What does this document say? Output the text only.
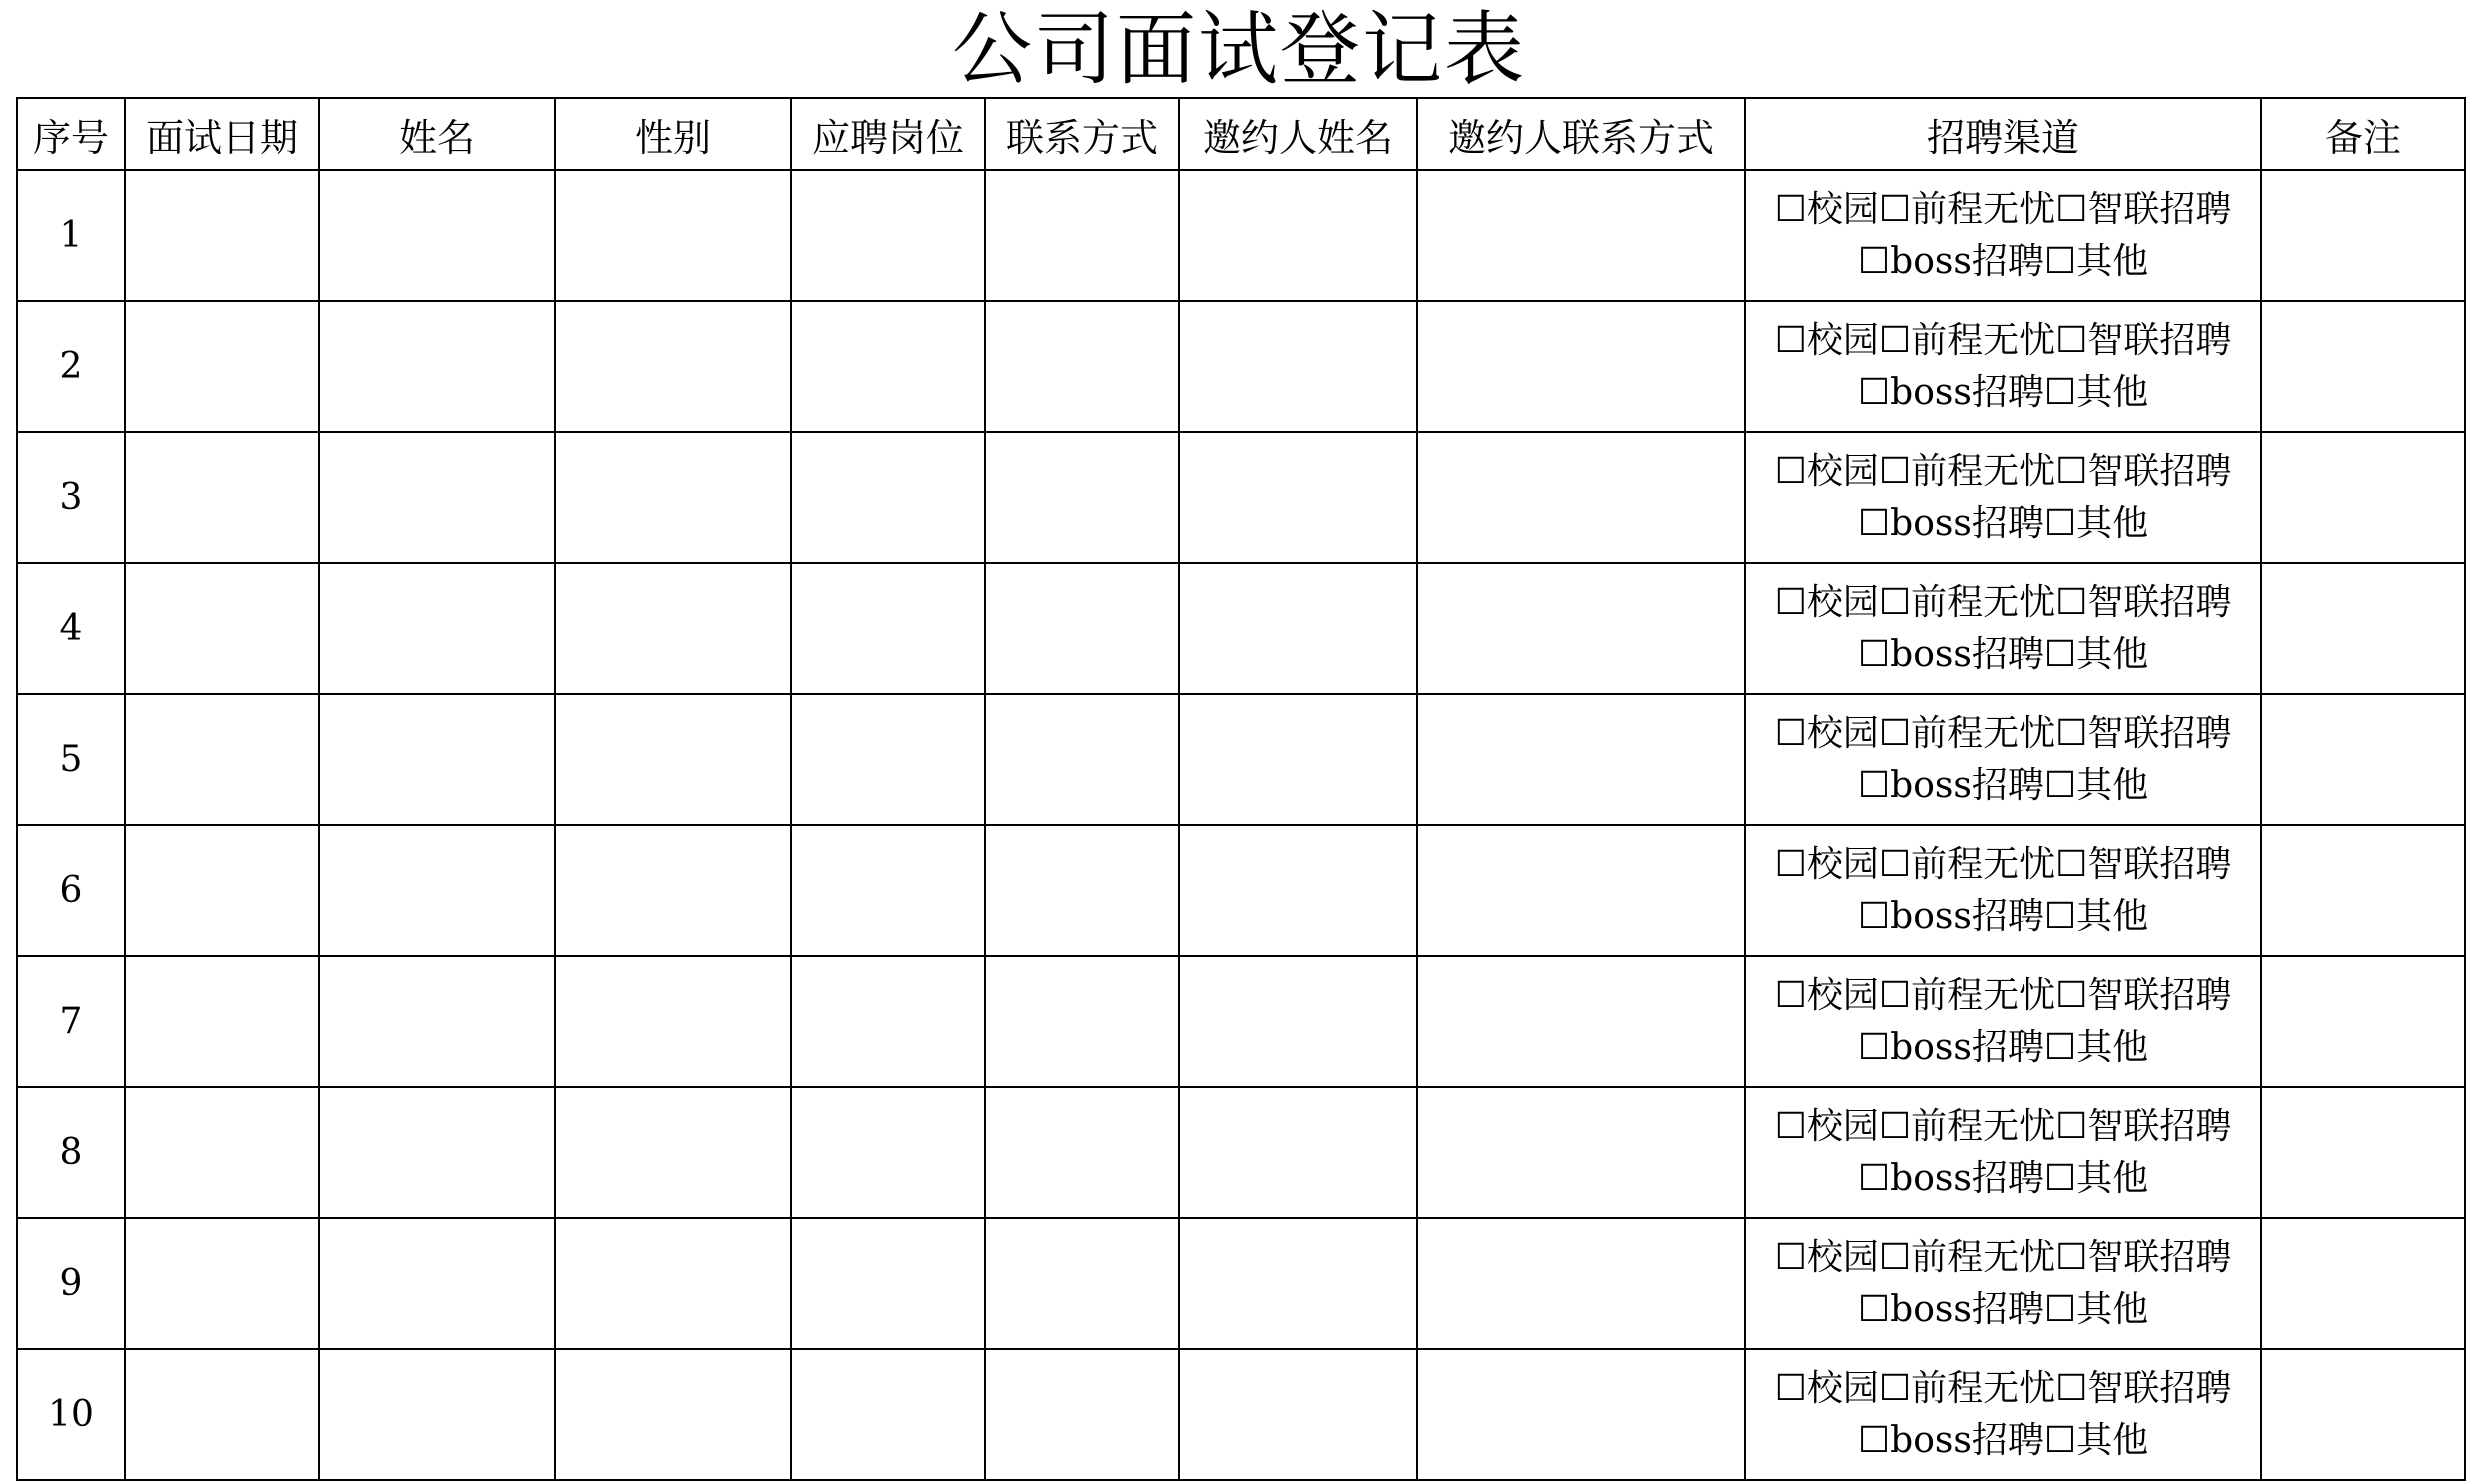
公司面试登记表
序号	面试日期	姓名	性别	应聘岗位	联系方式	邀约人姓名	邀约人联系方式	招聘渠道	备注
1								☐校园☐前程无忧☐智联招聘☐boss招聘☐其他	
2								☐校园☐前程无忧☐智联招聘☐boss招聘☐其他	
3								☐校园☐前程无忧☐智联招聘☐boss招聘☐其他	
4								☐校园☐前程无忧☐智联招聘☐boss招聘☐其他	
5								☐校园☐前程无忧☐智联招聘☐boss招聘☐其他	
6								☐校园☐前程无忧☐智联招聘☐boss招聘☐其他	
7								☐校园☐前程无忧☐智联招聘☐boss招聘☐其他	
8								☐校园☐前程无忧☐智联招聘☐boss招聘☐其他	
9								☐校园☐前程无忧☐智联招聘☐boss招聘☐其他	
10								☐校园☐前程无忧☐智联招聘☐boss招聘☐其他	
